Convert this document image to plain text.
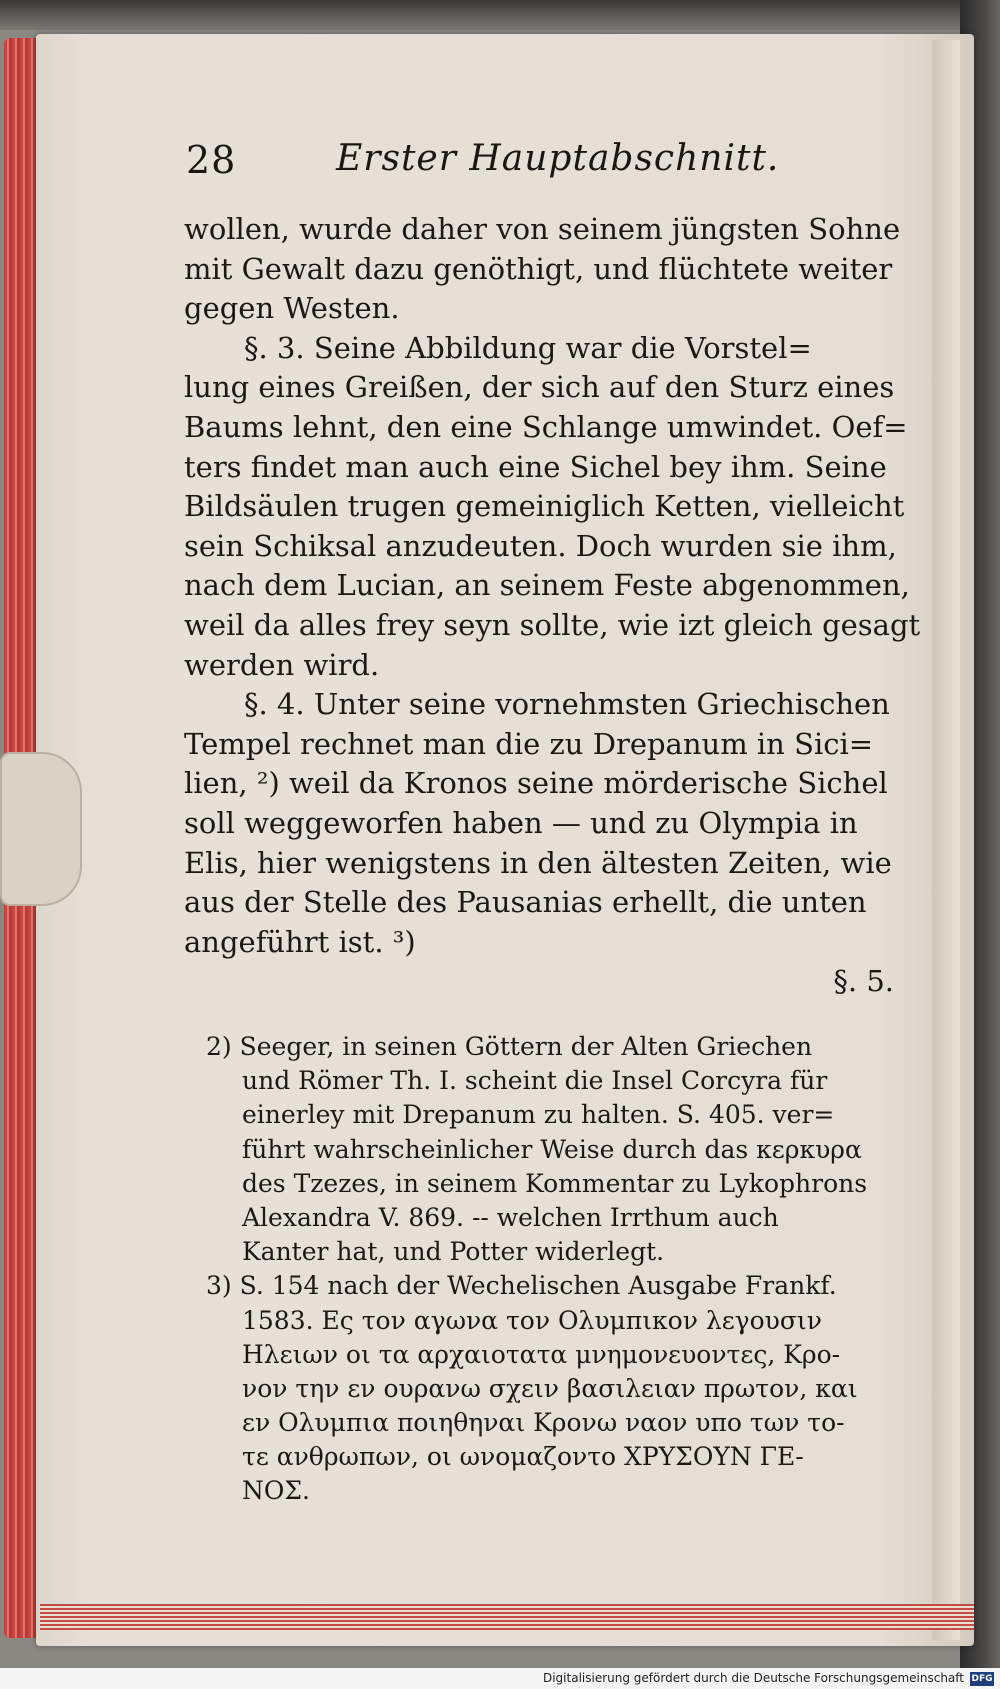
28	Erster Hauptabschnitt.
wollen, wurde daher von seinem jüngsten Sohne
mit Gewalt dazu genöthigt, und flüchtete weiter
gegen Westen.
§. 3. Seine Abbildung war die Vorstel=
lung eines Greißen, der sich auf den Sturz eines
Baums lehnt, den eine Schlange umwindet. Oef=
ters findet man auch eine Sichel bey ihm. Seine
Bildsäulen trugen gemeiniglich Ketten, vielleicht
sein Schiksal anzudeuten. Doch wurden sie ihm,
nach dem Lucian, an seinem Feste abgenommen,
weil da alles frey seyn sollte, wie izt gleich gesagt
werden wird.
§. 4. Unter seine vornehmsten Griechischen
Tempel rechnet man die zu Drepanum in Sici=
lien, ²) weil da Kronos seine mörderische Sichel
soll weggeworfen haben — und zu Olympia in
Elis, hier wenigstens in den ältesten Zeiten, wie
aus der Stelle des Pausanias erhellt, die unten
angeführt ist. ³)
§. 5.
2) Seeger, in seinen Göttern der Alten Griechen
und Römer Th. I. scheint die Insel Corcyra für
einerley mit Drepanum zu halten. S. 405. ver=
führt wahrscheinlicher Weise durch das κερκυρα
des Tzezes, in seinem Kommentar zu Lykophrons
Alexandra V. 869. -- welchen Irrthum auch
Kanter hat, und Potter widerlegt.
3) S. 154 nach der Wechelischen Ausgabe Frankf.
1583. Ες τον αγωνα τον Ολυμπικον λεγουσιν
Ηλειων οι τα αρχαιοτατα μνημονευοντες, Κρο-
νον την εν ουρανω σχειν βασιλειαν πρωτον, και
εν Ολυμπια ποιηθηναι Κρονω ναον υπο των το-
τε ανθρωπων, οι ωνομαζοντο ΧΡΥΣΟΥΝ ΓΕ-
ΝΟΣ.
Digitalisierung gefördert durch die Deutsche Forschungsgemeinschaft DFG
